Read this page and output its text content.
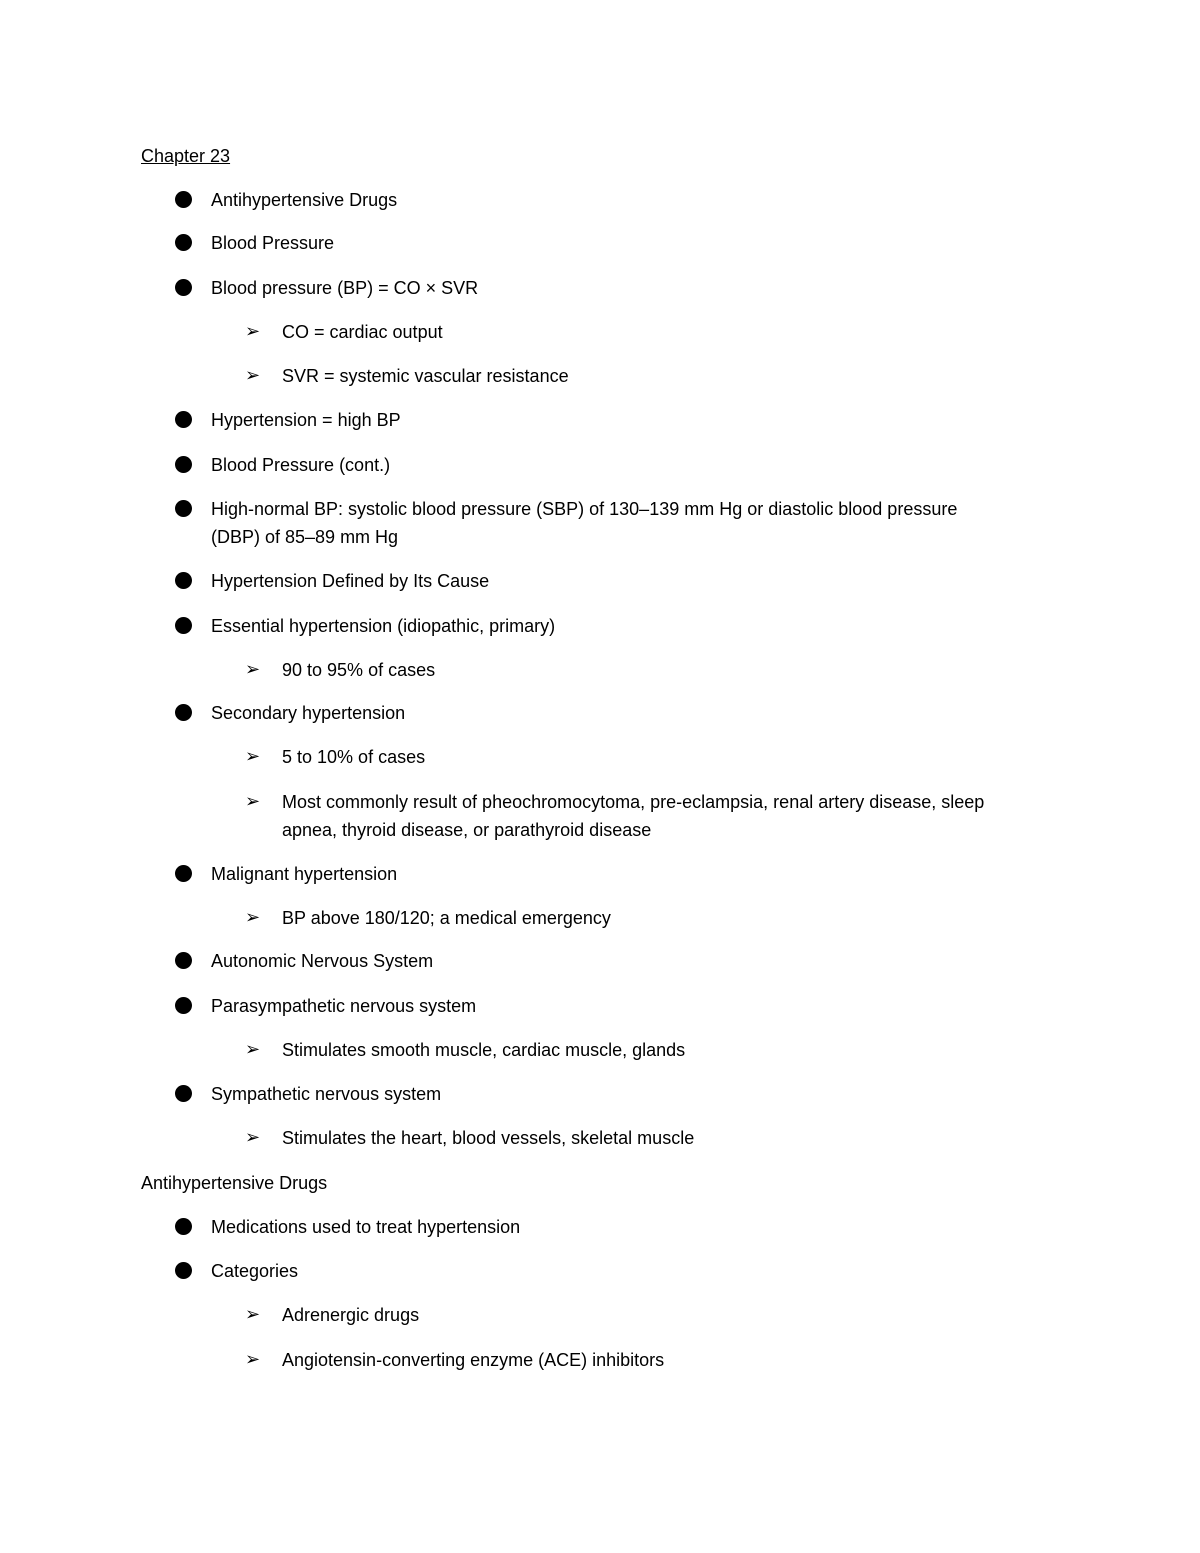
Chapter 23
Antihypertensive Drugs
Blood Pressure
Blood pressure (BP) = CO × SVR
➢ CO = cardiac output
➢ SVR = systemic vascular resistance
Hypertension = high BP
Blood Pressure (cont.)
High-normal BP: systolic blood pressure (SBP) of 130–139 mm Hg or diastolic blood pressure
(DBP) of 85–89 mm Hg
Hypertension Defined by Its Cause
Essential hypertension (idiopathic, primary)
➢ 90 to 95% of cases
Secondary hypertension
➢ 5 to 10% of cases
➢ Most commonly result of pheochromocytoma, pre-eclampsia, renal artery disease, sleep
apnea, thyroid disease, or parathyroid disease
Malignant hypertension
➢ BP above 180/120; a medical emergency
Autonomic Nervous System
Parasympathetic nervous system
➢ Stimulates smooth muscle, cardiac muscle, glands
Sympathetic nervous system
➢ Stimulates the heart, blood vessels, skeletal muscle
Antihypertensive Drugs
Medications used to treat hypertension
Categories
➢ Adrenergic drugs
➢ Angiotensin-converting enzyme (ACE) inhibitors
